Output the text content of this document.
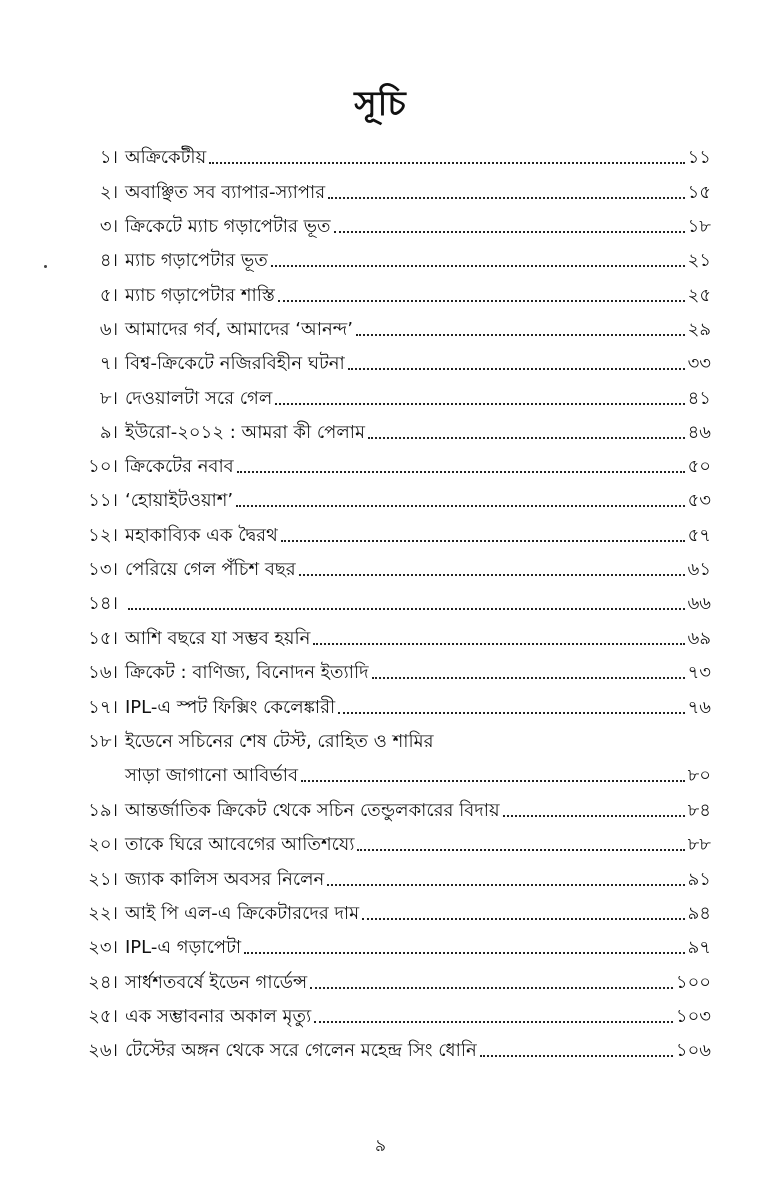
সূচি
১। অক্রিকেটীয়	১১
২। অবাঞ্ছিত সব ব্যাপার-স্যাপার	১৫
৩। ক্রিকেটে ম্যাচ গড়াপেটার ভূত	১৮
৪। ম্যাচ গড়াপেটার ভূত	২১
৫। ম্যাচ গড়াপেটার শাস্তি	২৫
৬। আমাদের গর্ব, আমাদের ‘আনন্দ’	২৯
৭। বিশ্ব-ক্রিকেটে নজিরবিহীন ঘটনা	৩৩
৮। দেওয়ালটা সরে গেল	৪১
৯। ইউরো-২০১২ : আমরা কী পেলাম	৪৬
১০। ক্রিকেটের নবাব	৫০
১১। ‘হোয়াইটওয়াশ’	৫৩
১২। মহাকাব্যিক এক দ্বৈরথ	৫৭
১৩। পেরিয়ে গেল পঁচিশ বছর	৬১
১৪।	৬৬
১৫। আশি বছরে যা সম্ভব হয়নি	৬৯
১৬। ক্রিকেট : বাণিজ্য, বিনোদন ইত্যাদি	৭৩
১৭। IPL-এ স্পট ফিক্সিং কেলেঙ্কারী	৭৬
১৮। ইডেনে সচিনের শেষ টেস্ট, রোহিত ও শামির
সাড়া জাগানো আবির্ভাব	৮০
১৯। আন্তর্জাতিক ক্রিকেট থেকে সচিন তেন্ডুলকারের বিদায়	৮৪
২০। তাকে ঘিরে আবেগের আতিশয্যে	৮৮
২১। জ্যাক কালিস অবসর নিলেন	৯১
২২। আই পি এল-এ ক্রিকেটারদের দাম	৯৪
২৩। IPL-এ গড়াপেটা	৯৭
২৪। সার্ধশতবর্ষে ইডেন গার্ডেন্স	১০০
২৫। এক সম্ভাবনার অকাল মৃত্যু	১০৩
২৬। টেস্টের অঙ্গন থেকে সরে গেলেন মহেন্দ্র সিং ধোনি	১০৬
৯
